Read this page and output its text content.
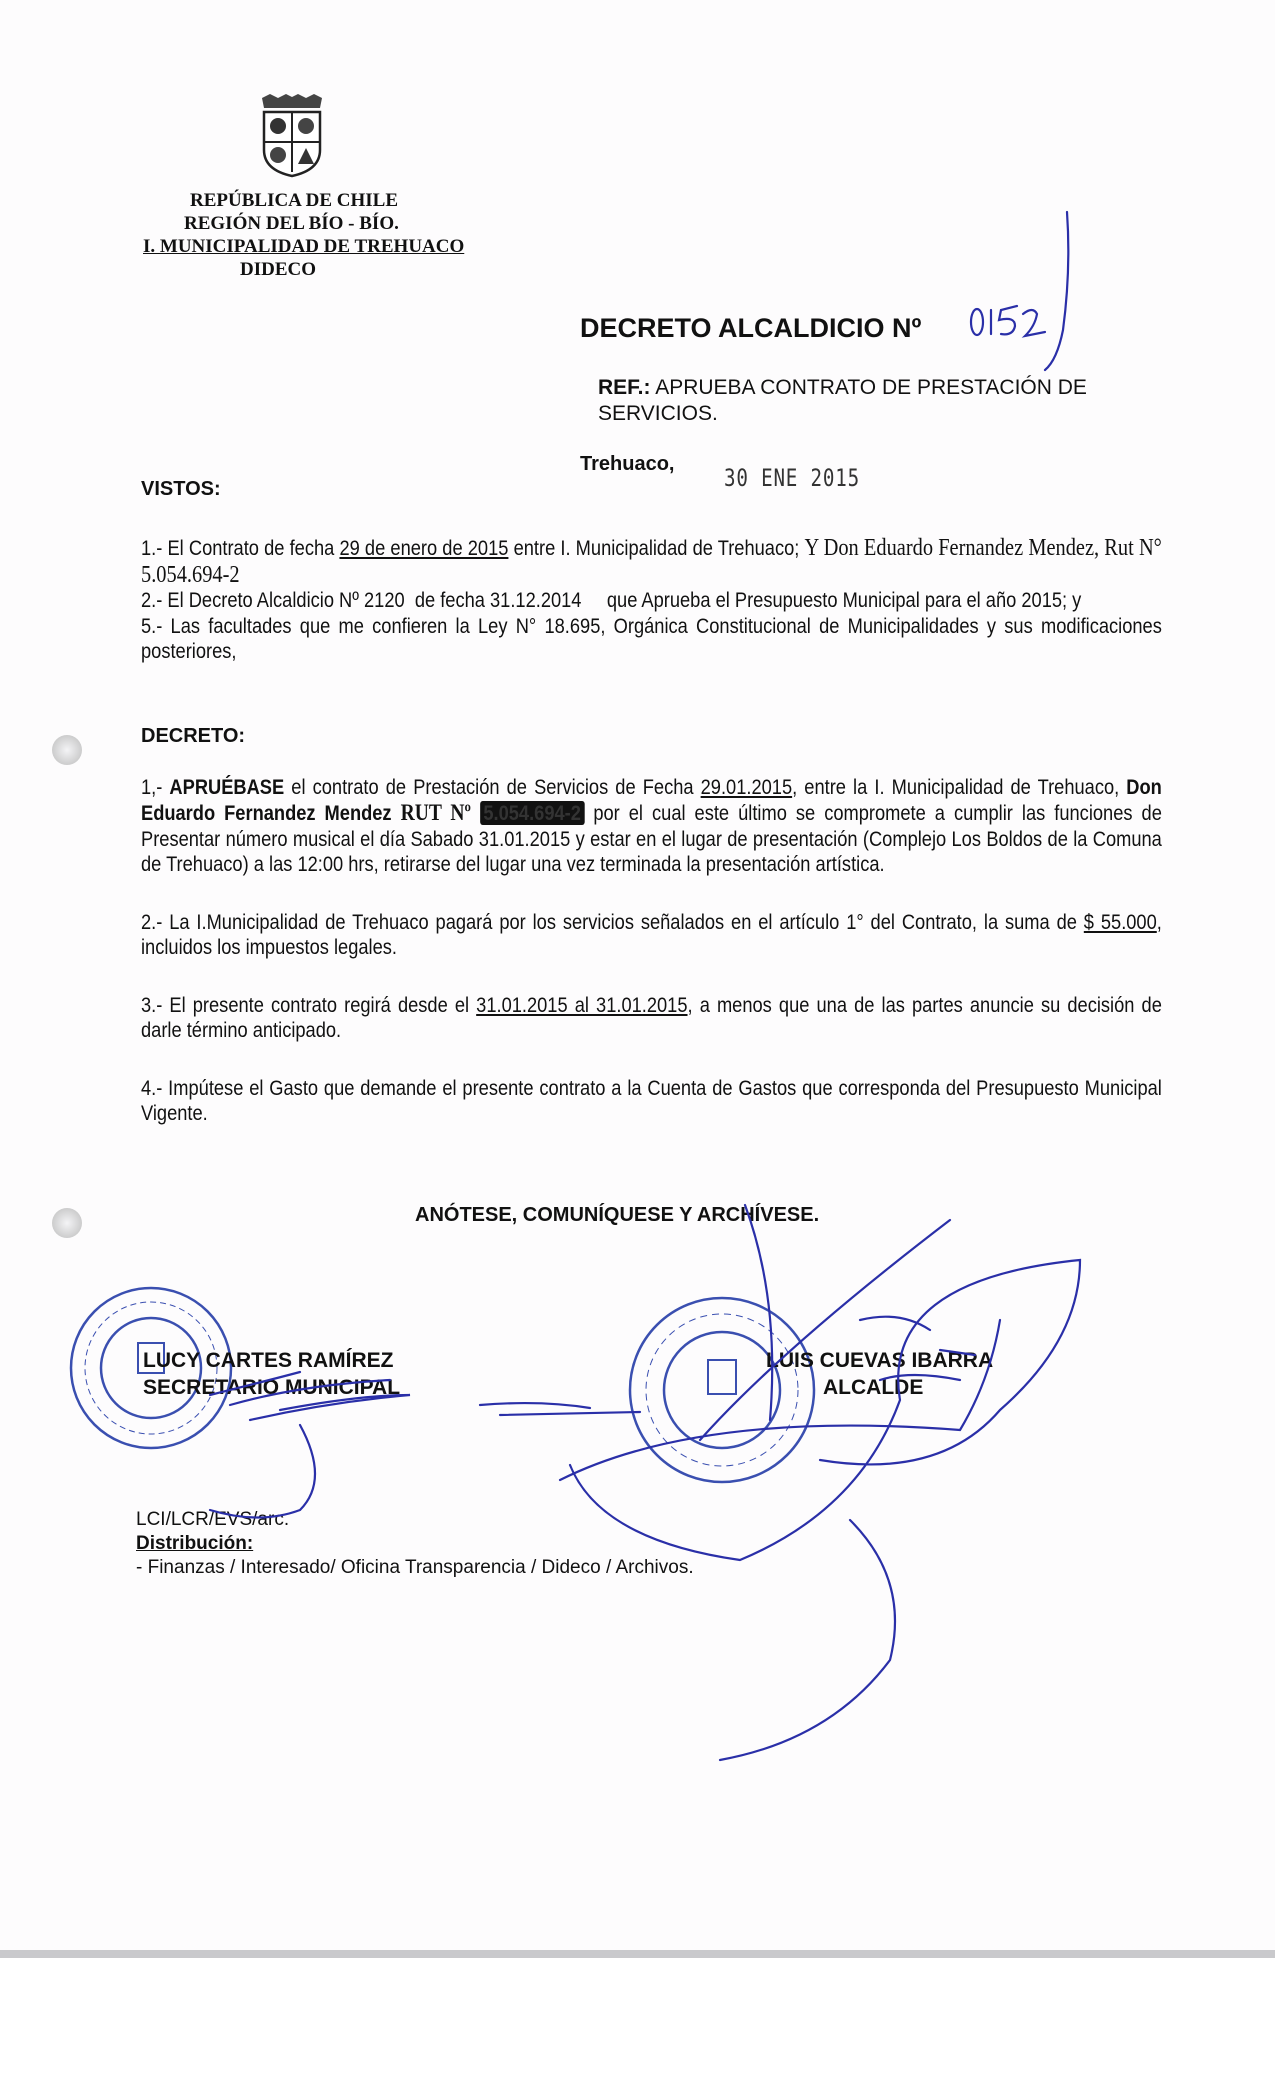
REPÚBLICA DE CHILE
REGIÓN DEL BÍO - BÍO.
I. MUNICIPALIDAD DE TREHUACO
DIDECO
DECRETO ALCALDICIO Nº
REF.: APRUEBA CONTRATO DE PRESTACIÓN DE SERVICIOS.
Trehuaco, 30 ENE 2015
VISTOS:

1.- El Contrato de fecha 29 de enero de 2015 entre I. Municipalidad de Trehuaco; Y Don Eduardo Fernandez Mendez, Rut N° 5.054.694-2

2.- El Decreto Alcaldicio Nº 2120  de fecha 31.12.2014     que Aprueba el Presupuesto Municipal para el año 2015; y

5.- Las facultades que me confieren la Ley N° 18.695, Orgánica Constitucional de Municipalidades y sus modificaciones posteriores,

DECRETO:

1,- APRUÉBASE el contrato de Prestación de Servicios de Fecha 29.01.2015, entre la I. Municipalidad de Trehuaco, Don Eduardo Fernandez Mendez RUT Nº 5.054.694-2 por el cual este último se compromete a cumplir las funciones de Presentar número musical el día Sabado 31.01.2015 y estar en el lugar de presentación (Complejo Los Boldos de la Comuna de Trehuaco) a las 12:00 hrs, retirarse del lugar una vez terminada la presentación artística.

2.- La I.Municipalidad de Trehuaco pagará por los servicios señalados en el artículo 1° del Contrato, la suma de $ 55.000, incluidos los impuestos legales.

3.- El presente contrato regirá desde el 31.01.2015 al 31.01.2015, a menos que una de las partes anuncie su decisión de darle término anticipado.

4.- Impútese el Gasto que demande el presente contrato a la Cuenta de Gastos que corresponda del Presupuesto Municipal Vigente.

ANÓTESE, COMUNÍQUESE Y ARCHÍVESE.
LUCY CARTES RAMÍREZ
SECRETARIO MUNICIPAL
LUIS CUEVAS IBARRA
ALCALDE
LCI/LCR/EVS/arc.
Distribución:
- Finanzas / Interesado/ Oficina Transparencia / Dideco / Archivos.
